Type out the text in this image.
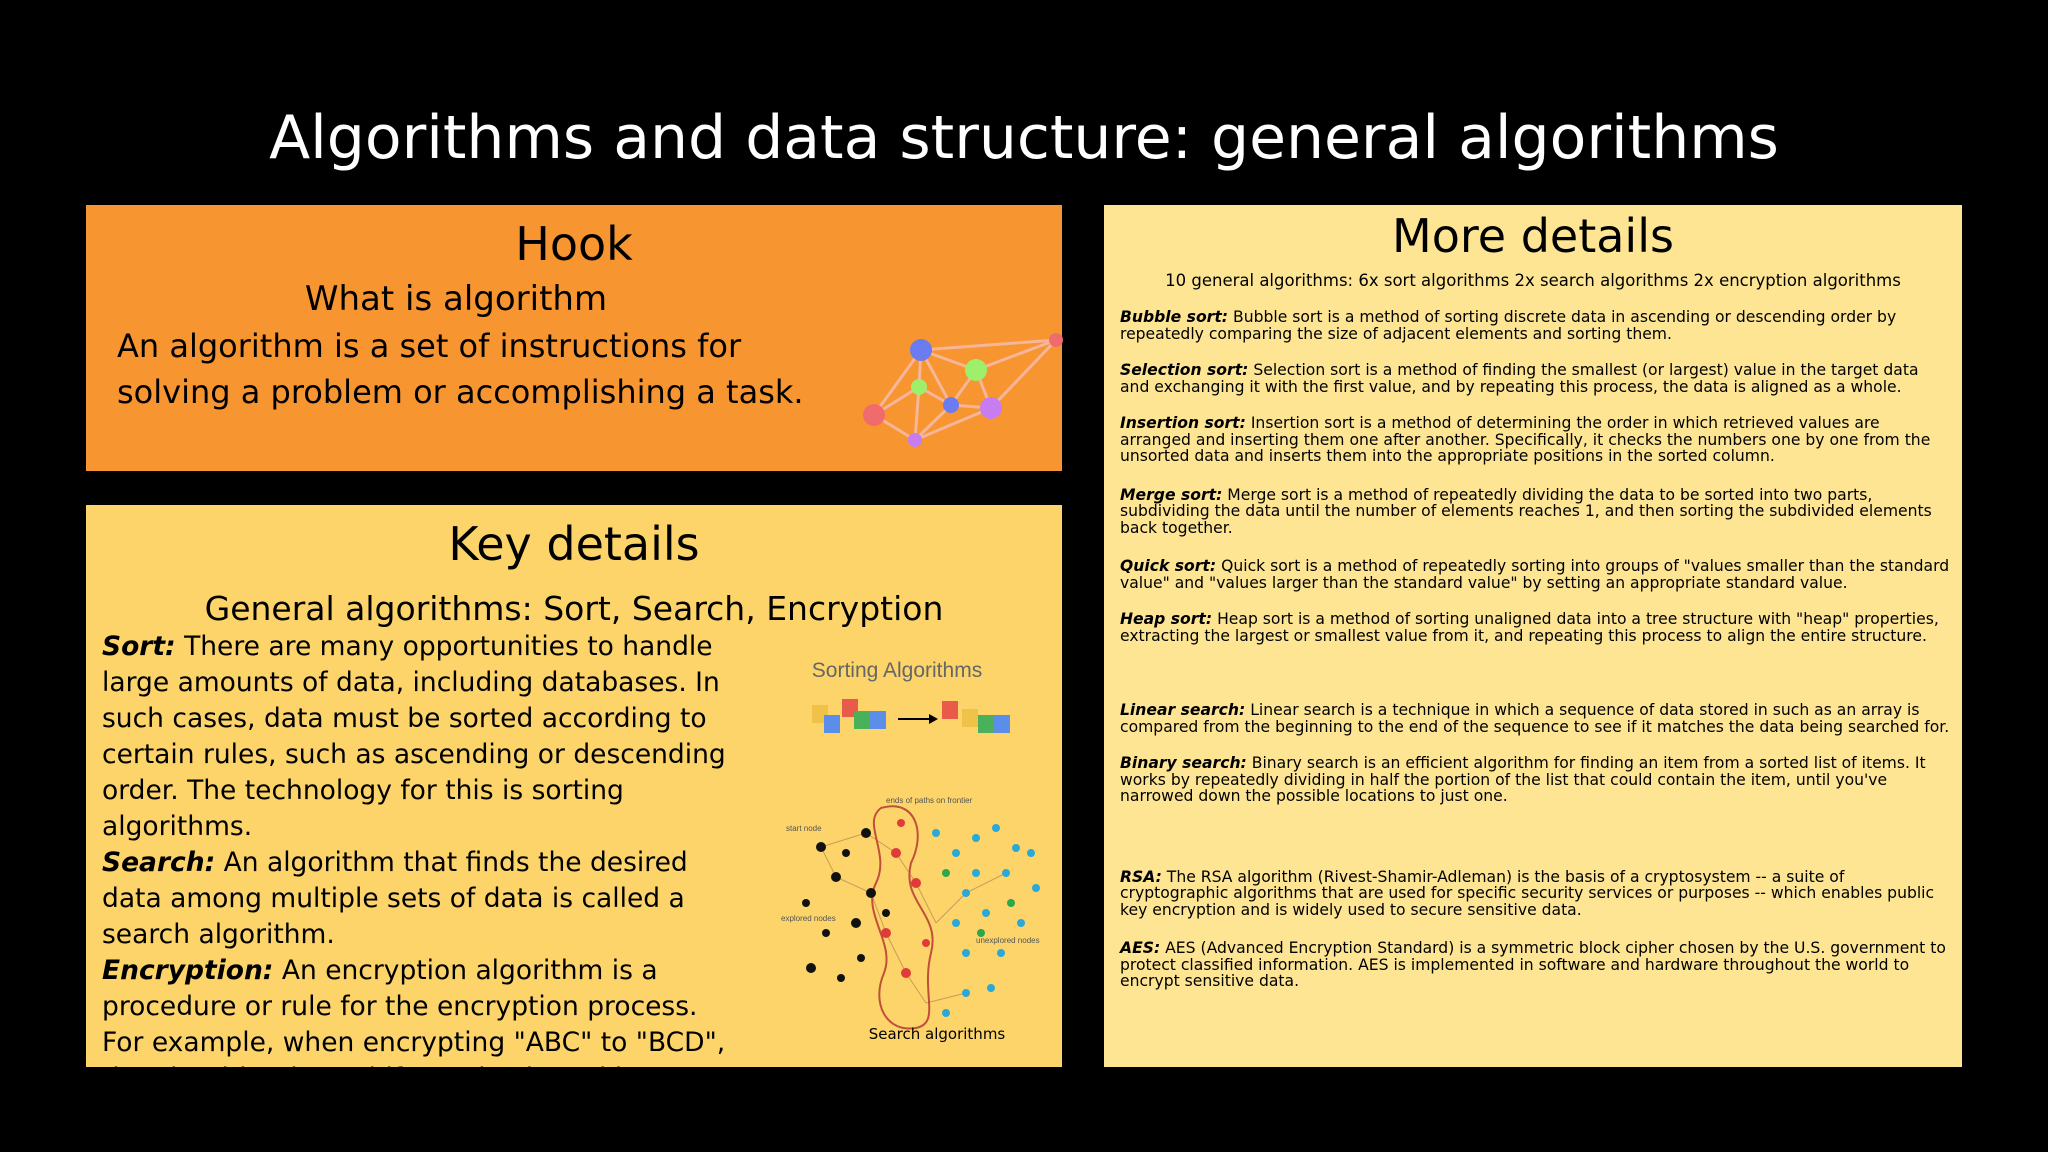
Algorithms and data structure: general algorithms
Hook
What is algorithm
An algorithm is a set of instructions for solving a problem or accomplishing a task.
Key details
General algorithms: Sort, Search, Encryption

Sort: There are many opportunities to handle large amounts of data, including databases. In such cases, data must be sorted according to certain rules, such as ascending or descending order. The technology for this is sorting algorithms.

Search: An algorithm that finds the desired data among multiple sets of data is called a search algorithm.

Encryption: An encryption algorithm is a procedure or rule for the encryption process. For example, when encrypting "ABC" to "BCD", the algorithm is to shift one backward in alphabetical order.

Sorting Algorithms
start node
ends of paths on frontier
explored nodes
unexplored nodes
Search algorithms
More details
10 general algorithms: 6x sort algorithms 2x search algorithms 2x encryption algorithms

Bubble sort: Bubble sort is a method of sorting discrete data in ascending or descending order by repeatedly comparing the size of adjacent elements and sorting them.

Selection sort: Selection sort is a method of finding the smallest (or largest) value in the target data and exchanging it with the first value, and by repeating this process, the data is aligned as a whole.

Insertion sort: Insertion sort is a method of determining the order in which retrieved values are arranged and inserting them one after another. Specifically, it checks the numbers one by one from the unsorted data and inserts them into the appropriate positions in the sorted column.

Merge sort: Merge sort is a method of repeatedly dividing the data to be sorted into two parts, subdividing the data until the number of elements reaches 1, and then sorting the subdivided elements back together.

Quick sort: Quick sort is a method of repeatedly sorting into groups of "values smaller than the standard value" and "values larger than the standard value" by setting an appropriate standard value.

Heap sort: Heap sort is a method of sorting unaligned data into a tree structure with "heap" properties, extracting the largest or smallest value from it, and repeating this process to align the entire structure.

Linear search: Linear search is a technique in which a sequence of data stored in such as an array is compared from the beginning to the end of the sequence to see if it matches the data being searched for.

Binary search: Binary search is an efficient algorithm for finding an item from a sorted list of items. It works by repeatedly dividing in half the portion of the list that could contain the item, until you've narrowed down the possible locations to just one.

RSA: The RSA algorithm (Rivest-Shamir-Adleman) is the basis of a cryptosystem -- a suite of cryptographic algorithms that are used for specific security services or purposes -- which enables public key encryption and is widely used to secure sensitive data.

AES: AES (Advanced Encryption Standard) is a symmetric block cipher chosen by the U.S. government to protect classified information. AES is implemented in software and hardware throughout the world to encrypt sensitive data.
